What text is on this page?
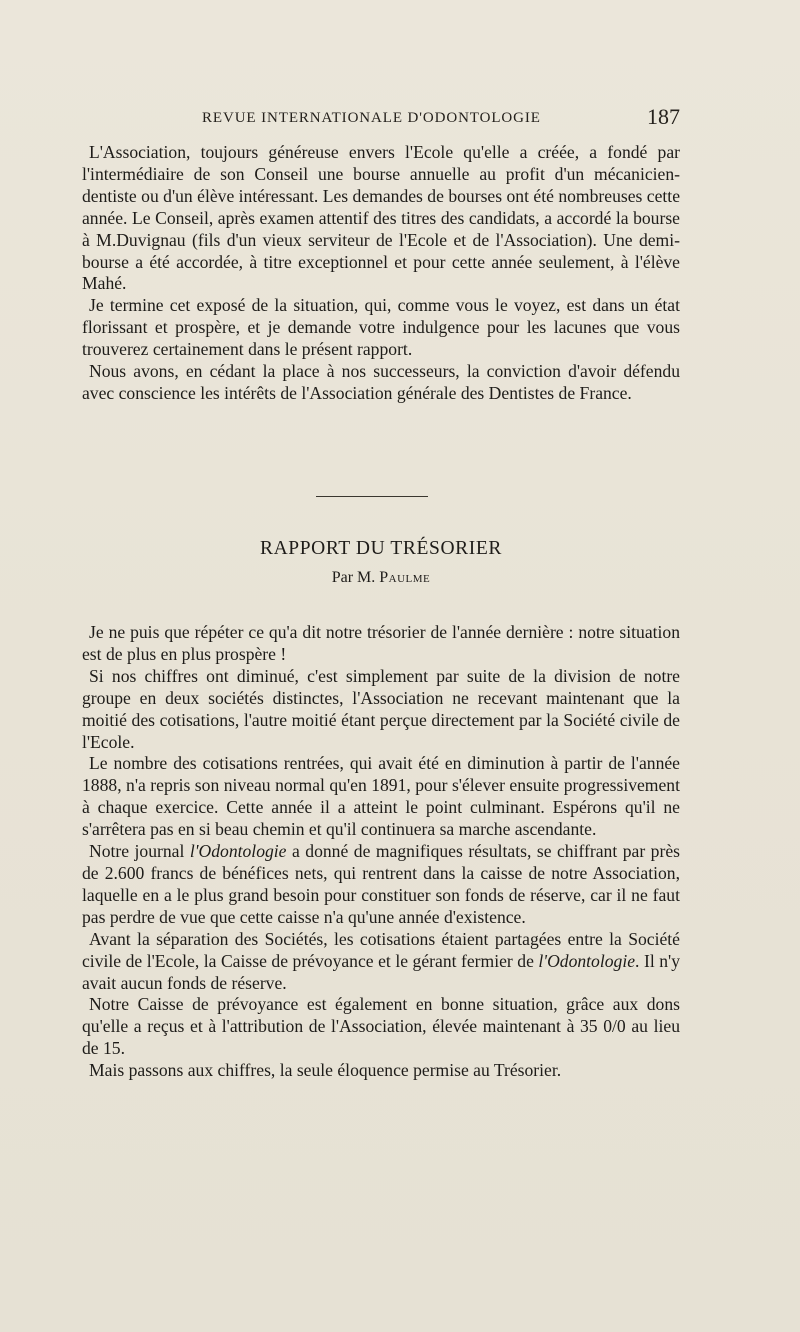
REVUE INTERNATIONALE D'ODONTOLOGIE	187

L'Association, toujours généreuse envers l'Ecole qu'elle a créée, a fondé par l'intermédiaire de son Conseil une bourse annuelle au profit d'un mécanicien-dentiste ou d'un élève intéressant. Les demandes de bourses ont été nombreuses cette année. Le Conseil, après examen attentif des titres des candidats, a accordé la bourse à M.Duvignau (fils d'un vieux serviteur de l'Ecole et de l'Association). Une demi-bourse a été accordée, à titre exceptionnel et pour cette année seulement, à l'élève Mahé.

Je termine cet exposé de la situation, qui, comme vous le voyez, est dans un état florissant et prospère, et je demande votre indulgence pour les lacunes que vous trouverez certainement dans le présent rapport.

Nous avons, en cédant la place à nos successeurs, la conviction d'avoir défendu avec conscience les intérêts de l'Association générale des Dentistes de France.

RAPPORT DU TRÉSORIER

Par M. Paulme

Je ne puis que répéter ce qu'a dit notre trésorier de l'année dernière : notre situation est de plus en plus prospère !

Si nos chiffres ont diminué, c'est simplement par suite de la division de notre groupe en deux sociétés distinctes, l'Association ne recevant maintenant que la moitié des cotisations, l'autre moitié étant perçue directement par la Société civile de l'Ecole.

Le nombre des cotisations rentrées, qui avait été en diminution à partir de l'année 1888, n'a repris son niveau normal qu'en 1891, pour s'élever ensuite progressivement à chaque exercice. Cette année il a atteint le point culminant. Espérons qu'il ne s'arrêtera pas en si beau chemin et qu'il continuera sa marche ascendante.

Notre journal l'Odontologie a donné de magnifiques résultats, se chiffrant par près de 2.600 francs de bénéfices nets, qui rentrent dans la caisse de notre Association, laquelle en a le plus grand besoin pour constituer son fonds de réserve, car il ne faut pas perdre de vue que cette caisse n'a qu'une année d'existence.

Avant la séparation des Sociétés, les cotisations étaient partagées entre la Société civile de l'Ecole, la Caisse de prévoyance et le gérant fermier de l'Odontologie. Il n'y avait aucun fonds de réserve.

Notre Caisse de prévoyance est également en bonne situation, grâce aux dons qu'elle a reçus et à l'attribution de l'Association, élevée maintenant à 35 0/0 au lieu de 15.

Mais passons aux chiffres, la seule éloquence permise au Trésorier.
